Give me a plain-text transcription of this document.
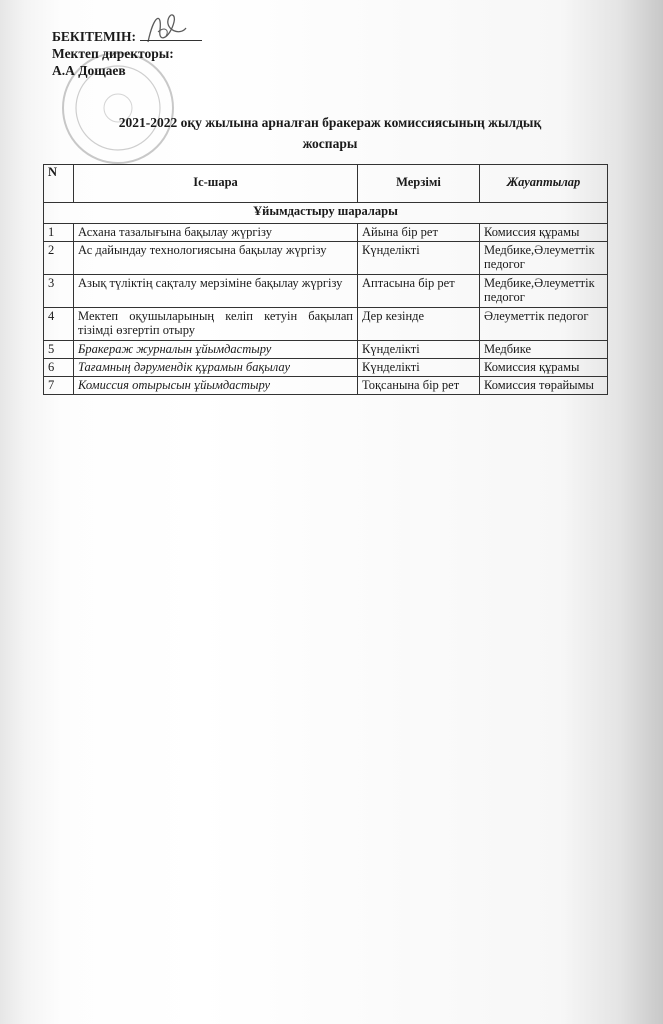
БЕКІТЕМІН:
Мектеп директоры:
А.А Дощаев
2021-2022 оқу жылына арналған бракераж комиссиясының жылдық
жоспары
N	Іс-шара	Мерзімі	Жауаптылар
Ұйымдастыру шаралары			
1	Асхана тазалығына бақылау жүргізу	Айына бір рет	Комиссия құрамы
2	Ас дайындау технологиясына бақылау жүргізу	Күнделікті	Медбике,Әлеуметтік педогог
3	Азық түліктің сақталу мерзіміне бақылау жүргізу	Аптасына бір рет	Медбике,Әлеуметтік педогог
4	Мектеп оқушыларының келіп кетуін бақылап тізімді өзгертіп отыру	Дер кезінде	Әлеуметтік педогог
5	Бракераж журналын ұйымдастыру	Күнделікті	Медбике
6	Тағамның дәрумендік құрамын бақылау	Күнделікті	Комиссия құрамы
7	Комиссия отырысын ұйымдастыру	Тоқсанына бір рет	Комиссия төрайымы
